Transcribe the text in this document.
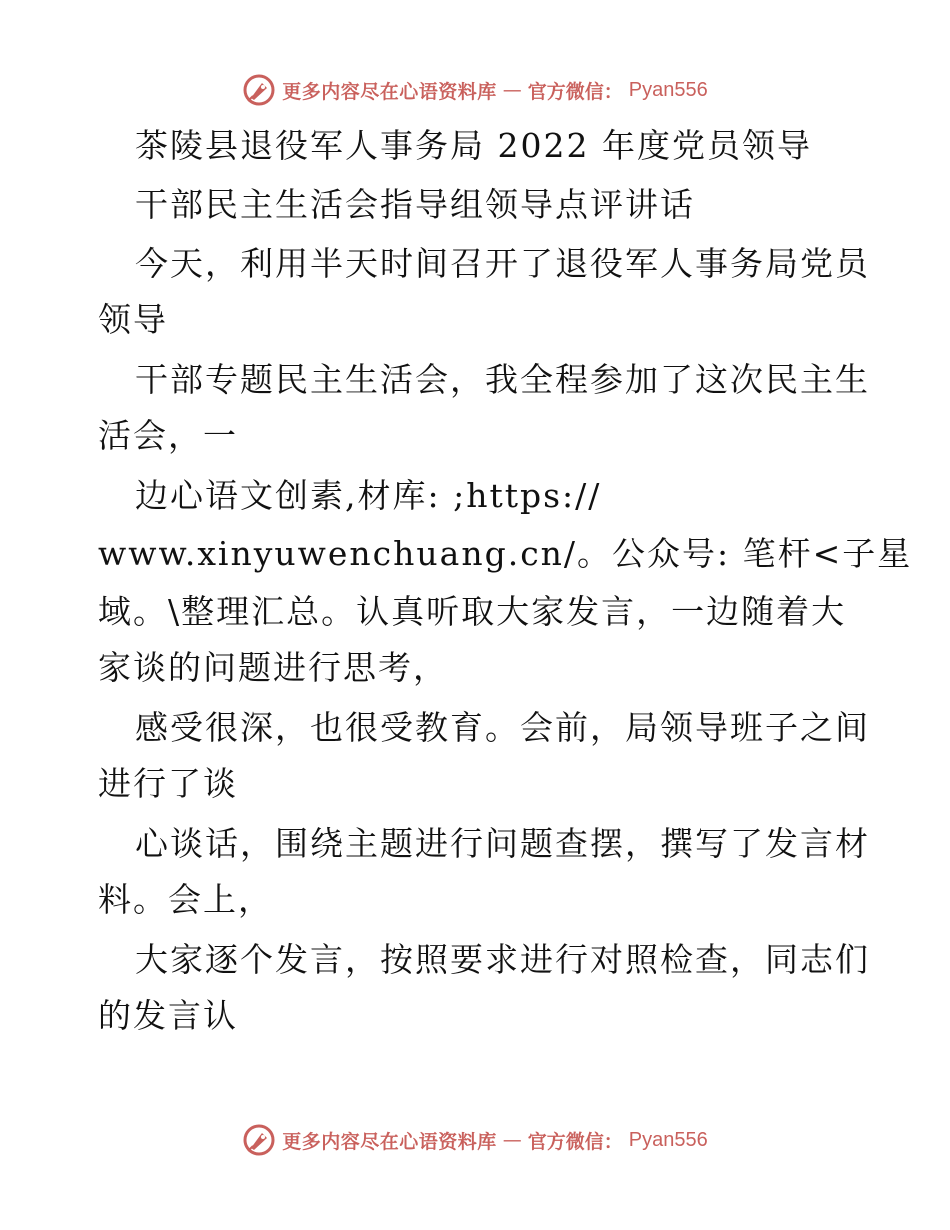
更多内容尽在心语资料库 — 官方微信： Pyan556
茶陵县退役军人事务局 2022 年度党员领导
干部民主生活会指导组领导点评讲话
今天，利用半天时间召开了退役军人事务局党员
领导
干部专题民主生活会，我全程参加了这次民主生
活会，一
边心语文创素,材库: ;https://
www.xinyuwenchuang.cn/。公众号: 笔杆<子星
域。\整理汇总。认真听取大家发言，一边随着大
家谈的问题进行思考，
感受很深，也很受教育。会前，局领导班子之间
进行了谈
心谈话，围绕主题进行问题查摆，撰写了发言材
料。会上，
大家逐个发言，按照要求进行对照检查，同志们
的发言认
更多内容尽在心语资料库 — 官方微信： Pyan556
